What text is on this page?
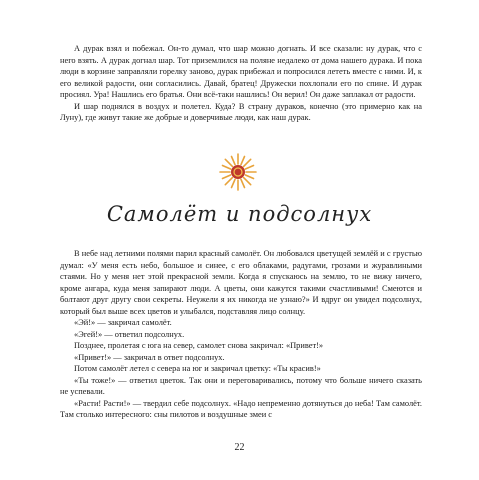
А дурак взял и побежал. Он-то думал, что шар можно догнать. И все сказали: ну дурак, что с него взять. А дурак догнал шар. Тот приземлился на поляне недалеко от дома нашего дурака. И пока люди в корзине заправляли горелку заново, дурак прибежал и попросился лететь вместе с ними. И, к его великой радости, они согласились. Давай, братец! Дружески похлопали его по спине. И дурак просиял. Ура! Нашлись его братья. Они всё-таки нашлись! Он верил! Он даже заплакал от радости.

И шар поднялся в воздух и полетел. Куда? В страну дураков, конечно (это примерно как на Луну), где живут такие же добрые и доверчивые люди, как наш дурак.

Самолёт и подсолнух

В небе над летними полями парил красный самолёт. Он любовался цветущей землёй и с грустью думал: «У меня есть небо, большое и синее, с его облаками, радугами, грозами и журавлиными стаями. Но у меня нет этой прекрасной земли. Когда я спускаюсь на землю, то не вижу ничего, кроме ангара, куда меня запирают люди. А цветы, они кажутся такими счастливыми! Смеются и болтают друг другу свои секреты. Неужели я их никогда не узнаю?» И вдруг он увидел подсолнух, который был выше всех цветов и улыбался, подставляя лицо солнцу.

«Эй!» — закричал самолёт.

«Эгей!» — ответил подсолнух.

Позднее, пролетая с юга на север, самолет снова закричал: «Привет!»

«Привет!» — закричал в ответ подсолнух.

Потом самолёт летел с севера на юг и закричал цветку: «Ты красив!»

«Ты тоже!» — ответил цветок. Так они и переговаривались, потому что больше ничего сказать не успевали.

«Расти! Расти!» — твердил себе подсолнух. «Надо непременно дотянуться до неба! Там самолёт. Там столько интересного: сны пилотов и воздушные змеи с

22
